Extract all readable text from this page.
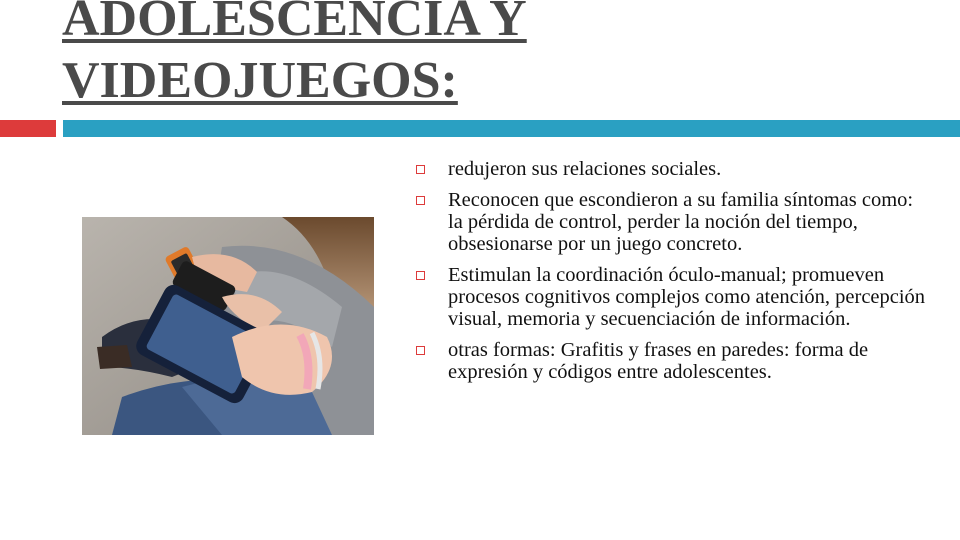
ADOLESCENCIA Y
VIDEOJUEGOS:
redujeron sus relaciones sociales.
Reconocen que escondieron a su familia síntomas como: la pérdida de control, perder la noción del tiempo, obsesionarse por un juego concreto.
Estimulan la coordinación óculo-manual; promueven procesos cognitivos complejos como atención, percepción visual, memoria y secuenciación de información.
otras formas: Grafitis y frases en paredes: forma de expresión y códigos entre adolescentes.
